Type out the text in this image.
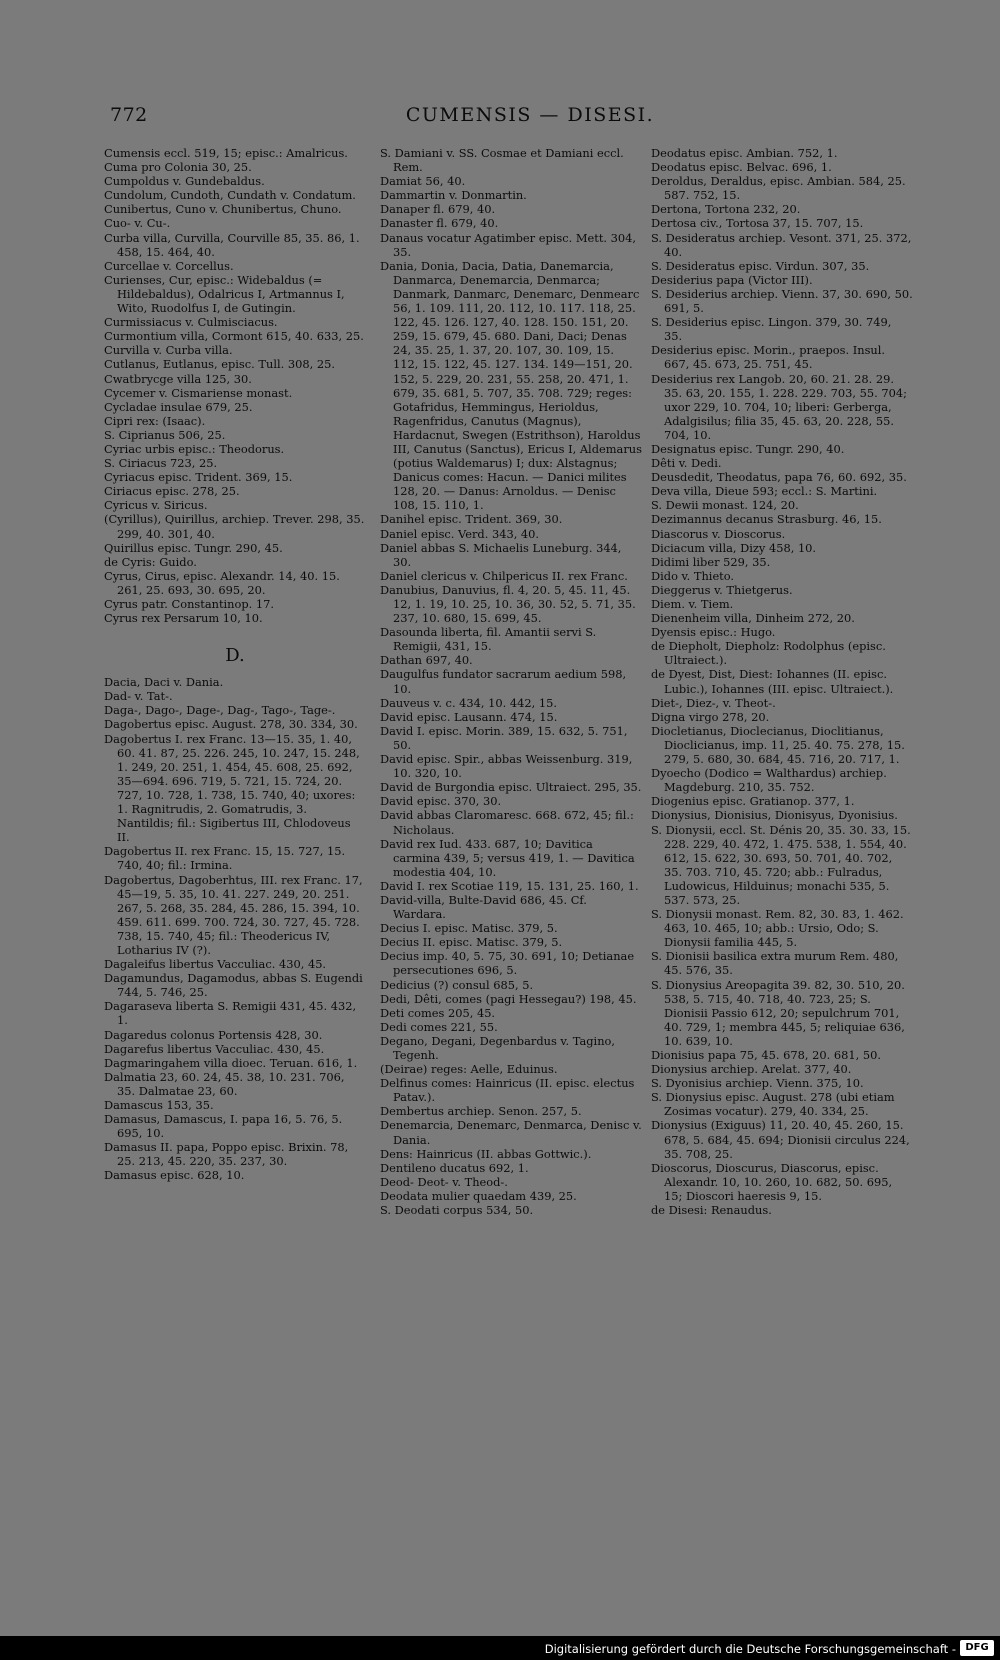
772	CUMENSIS — DISESI.

Cumensis eccl. 519, 15; episc.: Amalricus.

Cuma pro Colonia 30, 25.

Cumpoldus v. Gundebaldus.

Cundolum, Cundoth, Cundath v. Condatum.

Cunibertus, Cuno v. Chunibertus, Chuno.

Cuo- v. Cu-.

Curba villa, Curvilla, Courville 85, 35. 86, 1. 458, 15. 464, 40.

Curcellae v. Corcellus.

Curienses, Cur, episc.: Widebaldus (= Hildebaldus), Odalricus I, Artmannus I, Wito, Ruodolfus I, de Gutingin.

Curmissiacus v. Culmisciacus.

Curmontium villa, Cormont 615, 40. 633, 25.

Curvilla v. Curba villa.

Cutlanus, Eutlanus, episc. Tull. 308, 25.

Cwatbrycge villa 125, 30.

Cycemer v. Cismariense monast.

Cycladae insulae 679, 25.

Cipri rex: (Isaac).

S. Ciprianus 506, 25.

Cyriac urbis episc.: Theodorus.

S. Ciriacus 723, 25.

Cyriacus episc. Trident. 369, 15.

Ciriacus episc. 278, 25.

Cyricus v. Siricus.

(Cyrillus), Quirillus, archiep. Trever. 298, 35. 299, 40. 301, 40.

Quirillus episc. Tungr. 290, 45.

de Cyris: Guido.

Cyrus, Cirus, episc. Alexandr. 14, 40. 15. 261, 25. 693, 30. 695, 20.

Cyrus patr. Constantinop. 17.

Cyrus rex Persarum 10, 10.

D.

Dacia, Daci v. Dania.

Dad- v. Tat-.

Daga-, Dago-, Dage-, Dag-, Tago-, Tage-.

Dagobertus episc. August. 278, 30. 334, 30.

Dagobertus I. rex Franc. 13—15. 35, 1. 40, 60. 41. 87, 25. 226. 245, 10. 247, 15. 248, 1. 249, 20. 251, 1. 454, 45. 608, 25. 692, 35—694. 696. 719, 5. 721, 15. 724, 20. 727, 10. 728, 1. 738, 15. 740, 40; uxores: 1. Ragnitrudis, 2. Gomatrudis, 3. Nantildis; fil.: Sigibertus III, Chlodoveus II.

Dagobertus II. rex Franc. 15, 15. 727, 15. 740, 40; fil.: Irmina.

Dagobertus, Dagoberhtus, III. rex Franc. 17, 45—19, 5. 35, 10. 41. 227. 249, 20. 251. 267, 5. 268, 35. 284, 45. 286, 15. 394, 10. 459. 611. 699. 700. 724, 30. 727, 45. 728. 738, 15. 740, 45; fil.: Theodericus IV, Lotharius IV (?).

Dagaleifus libertus Vacculiac. 430, 45.

Dagamundus, Dagamodus, abbas S. Eugendi 744, 5. 746, 25.

Dagaraseva liberta S. Remigii 431, 45. 432, 1.

Dagaredus colonus Portensis 428, 30.

Dagarefus libertus Vacculiac. 430, 45.

Dagmaringahem villa dioec. Teruan. 616, 1.

Dalmatia 23, 60. 24, 45. 38, 10. 231. 706, 35. Dalmatae 23, 60.

Damascus 153, 35.

Damasus, Damascus, I. papa 16, 5. 76, 5. 695, 10.

Damasus II. papa, Poppo episc. Brixin. 78, 25. 213, 45. 220, 35. 237, 30.

Damasus episc. 628, 10.

S. Damiani v. SS. Cosmae et Damiani eccl. Rem.

Damiat 56, 40.

Dammartin v. Donmartin.

Danaper fl. 679, 40.

Danaster fl. 679, 40.

Danaus vocatur Agatimber episc. Mett. 304, 35.

Dania, Donia, Dacia, Datia, Danemarcia, Danmarca, Denemarcia, Denmarca; Danmark, Danmarc, Denemarc, Denmearc 56, 1. 109. 111, 20. 112, 10. 117. 118, 25. 122, 45. 126. 127, 40. 128. 150. 151, 20. 259, 15. 679, 45. 680. Dani, Daci; Denas 24, 35. 25, 1. 37, 20. 107, 30. 109, 15. 112, 15. 122, 45. 127. 134. 149—151, 20. 152, 5. 229, 20. 231, 55. 258, 20. 471, 1. 679, 35. 681, 5. 707, 35. 708. 729; reges: Gotafridus, Hemmingus, Herioldus, Ragenfridus, Canutus (Magnus), Hardacnut, Swegen (Estrithson), Haroldus III, Canutus (Sanctus), Ericus I, Aldemarus (potius Waldemarus) I; dux: Alstagnus; Danicus comes: Hacun. — Danici milites 128, 20. — Danus: Arnoldus. — Denisc 108, 15. 110, 1.

Danihel episc. Trident. 369, 30.

Daniel episc. Verd. 343, 40.

Daniel abbas S. Michaelis Luneburg. 344, 30.

Daniel clericus v. Chilpericus II. rex Franc.

Danubius, Danuvius, fl. 4, 20. 5, 45. 11, 45. 12, 1. 19, 10. 25, 10. 36, 30. 52, 5. 71, 35. 237, 10. 680, 15. 699, 45.

Dasounda liberta, fil. Amantii servi S. Remigii, 431, 15.

Dathan 697, 40.

Daugulfus fundator sacrarum aedium 598, 10.

Dauveus v. c. 434, 10. 442, 15.

David episc. Lausann. 474, 15.

David I. episc. Morin. 389, 15. 632, 5. 751, 50.

David episc. Spir., abbas Weissenburg. 319, 10. 320, 10.

David de Burgondia episc. Ultraiect. 295, 35.

David episc. 370, 30.

David abbas Claromaresc. 668. 672, 45; fil.: Nicholaus.

David rex Iud. 433. 687, 10; Davitica carmina 439, 5; versus 419, 1. — Davitica modestia 404, 10.

David I. rex Scotiae 119, 15. 131, 25. 160, 1.

David-villa, Bulte-David 686, 45. Cf. Wardara.

Decius I. episc. Matisc. 379, 5.

Decius II. episc. Matisc. 379, 5.

Decius imp. 40, 5. 75, 30. 691, 10; Detianae persecutiones 696, 5.

Dedicius (?) consul 685, 5.

Dedi, Dêti, comes (pagi Hessegau?) 198, 45.

Deti comes 205, 45.

Dedi comes 221, 55.

Degano, Degani, Degenbardus v. Tagino, Tegenh.

(Deirae) reges: Aelle, Eduinus.

Delfinus comes: Hainricus (II. episc. electus Patav.).

Dembertus archiep. Senon. 257, 5.

Denemarcia, Denemarc, Denmarca, Denisc v. Dania.

Dens: Hainricus (II. abbas Gottwic.).

Dentileno ducatus 692, 1.

Deod- Deot- v. Theod-.

Deodata mulier quaedam 439, 25.

S. Deodati corpus 534, 50.

Deodatus episc. Ambian. 752, 1.

Deodatus episc. Belvac. 696, 1.

Deroldus, Deraldus, episc. Ambian. 584, 25. 587. 752, 15.

Dertona, Tortona 232, 20.

Dertosa civ., Tortosa 37, 15. 707, 15.

S. Desideratus archiep. Vesont. 371, 25. 372, 40.

S. Desideratus episc. Virdun. 307, 35.

Desiderius papa (Victor III).

S. Desiderius archiep. Vienn. 37, 30. 690, 50. 691, 5.

S. Desiderius episc. Lingon. 379, 30. 749, 35.

Desiderius episc. Morin., praepos. Insul. 667, 45. 673, 25. 751, 45.

Desiderius rex Langob. 20, 60. 21. 28. 29. 35. 63, 20. 155, 1. 228. 229. 703, 55. 704; uxor 229, 10. 704, 10; liberi: Gerberga, Adalgisilus; filia 35, 45. 63, 20. 228, 55. 704, 10.

Designatus episc. Tungr. 290, 40.

Dêti v. Dedi.

Deusdedit, Theodatus, papa 76, 60. 692, 35.

Deva villa, Dieue 593; eccl.: S. Martini.

S. Dewii monast. 124, 20.

Dezimannus decanus Strasburg. 46, 15.

Diascorus v. Dioscorus.

Diciacum villa, Dizy 458, 10.

Didimi liber 529, 35.

Dido v. Thieto.

Dieggerus v. Thietgerus.

Diem. v. Tiem.

Dienenheim villa, Dinheim 272, 20.

Dyensis episc.: Hugo.

de Diepholt, Diepholz: Rodolphus (episc. Ultraiect.).

de Dyest, Dist, Diest: Iohannes (II. episc. Lubic.), Iohannes (III. episc. Ultraiect.).

Diet-, Diez-, v. Theot-.

Digna virgo 278, 20.

Diocletianus, Dioclecianus, Dioclitianus, Dioclicianus, imp. 11, 25. 40. 75. 278, 15. 279, 5. 680, 30. 684, 45. 716, 20. 717, 1.

Dyoecho (Dodico = Walthardus) archiep. Magdeburg. 210, 35. 752.

Diogenius episc. Gratianop. 377, 1.

Dionysius, Dionisius, Dionisyus, Dyonisius.

S. Dionysii, eccl. St. Dénis 20, 35. 30. 33, 15. 228. 229, 40. 472, 1. 475. 538, 1. 554, 40. 612, 15. 622, 30. 693, 50. 701, 40. 702, 35. 703. 710, 45. 720; abb.: Fulradus, Ludowicus, Hilduinus; monachi 535, 5. 537. 573, 25.

S. Dionysii monast. Rem. 82, 30. 83, 1. 462. 463, 10. 465, 10; abb.: Ursio, Odo; S. Dionysii familia 445, 5.

S. Dionisii basilica extra murum Rem. 480, 45. 576, 35.

S. Dionysius Areopagita 39. 82, 30. 510, 20. 538, 5. 715, 40. 718, 40. 723, 25; S. Dionisii Passio 612, 20; sepulchrum 701, 40. 729, 1; membra 445, 5; reliquiae 636, 10. 639, 10.

Dionisius papa 75, 45. 678, 20. 681, 50.

Dionysius archiep. Arelat. 377, 40.

S. Dyonisius archiep. Vienn. 375, 10.

S. Dionysius episc. August. 278 (ubi etiam Zosimas vocatur). 279, 40. 334, 25.

Dionysius (Exiguus) 11, 20. 40, 45. 260, 15. 678, 5. 684, 45. 694; Dionisii circulus 224, 35. 708, 25.

Dioscorus, Dioscurus, Diascorus, episc. Alexandr. 10, 10. 260, 10. 682, 50. 695, 15; Dioscori haeresis 9, 15.

de Disesi: Renaudus.

Digitalisierung gefördert durch die Deutsche Forschungsgemeinschaft - DFG
